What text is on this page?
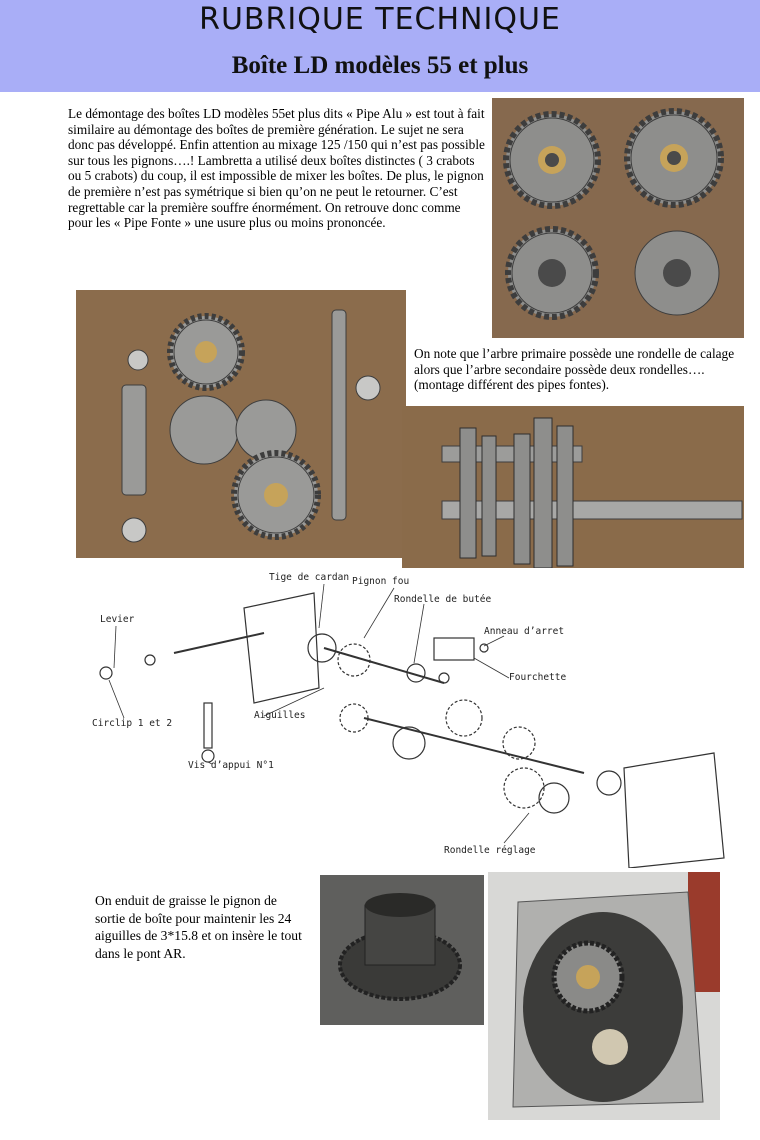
RUBRIQUE TECHNIQUE
Boîte LD modèles 55 et plus
Le démontage des boîtes LD modèles 55et plus dits « Pipe Alu » est tout à fait similaire au démontage des boîtes de première génération. Le sujet ne sera donc pas développé. Enfin attention au mixage 125 /150 qui n’est pas possible sur tous les pignons….! Lambretta a utilisé deux boîtes distinctes ( 3 crabots ou 5 crabots) du coup, il est impossible de mixer les boîtes. De plus, le pignon de première n’est pas symétrique si bien qu’on ne peut le retourner. C’est regrettable car la première souffre énormément. On retrouve donc comme pour les « Pipe Fonte » une usure plus ou moins prononcée.
On note que l’arbre primaire possède une rondelle de calage alors que l’arbre secondaire possède deux rondelles…. (montage différent des pipes fontes).
Tige de cardan Pignon fou
Rondelle de butée
Anneau d’arret
Fourchette
Levier
Circlip 1 et 2
Aiguilles
Vis d’appui N°1
Rondelle réglage
On enduit de graisse le pignon de sortie de boîte pour maintenir les 24 aiguilles de 3*15.8 et on insère le tout dans le pont AR.
